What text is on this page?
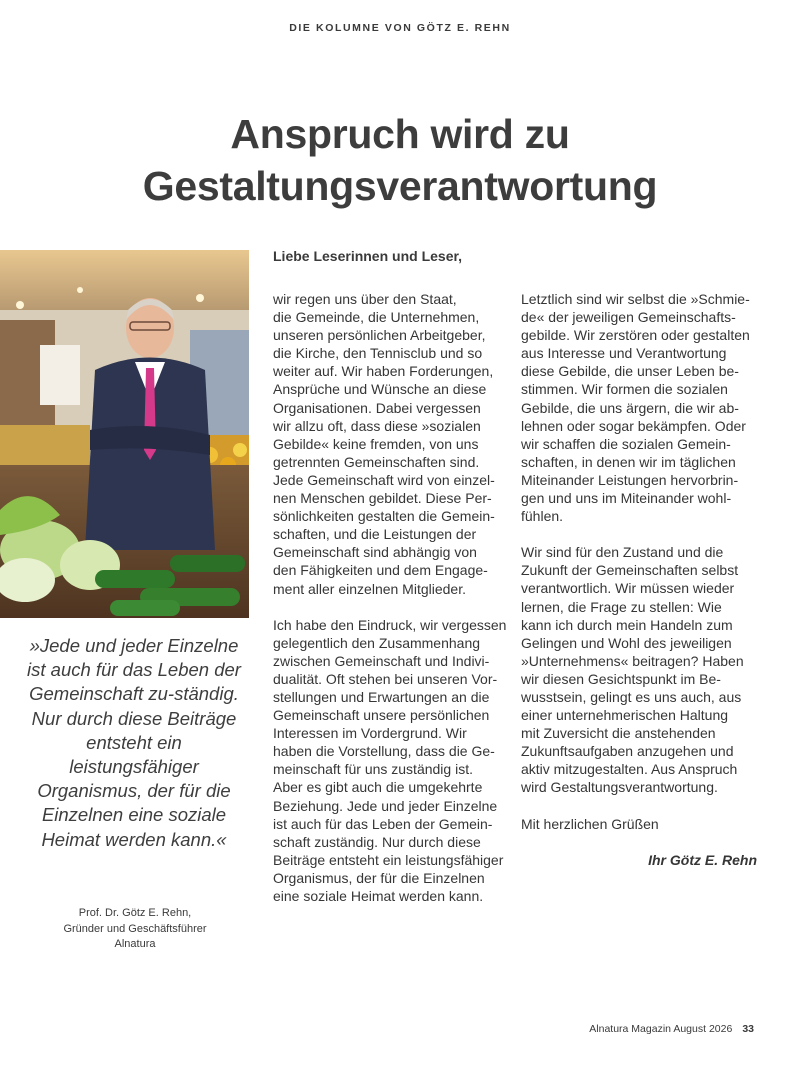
DIE KOLUMNE VON GÖTZ E. REHN
Anspruch wird zu
Gestaltungsverantwortung
»Jede und jeder Einzelne ist auch für das Leben der Gemeinschaft zu-ständig. Nur durch diese Beiträge entsteht ein leistungsfähiger Organismus, der für die Einzelnen eine soziale Heimat werden kann.«
Prof. Dr. Götz E. Rehn,
Gründer und Geschäftsführer
Alnatura
Liebe Leserinnen und Leser,

wir regen uns über den Staat,
die Gemeinde, die Unternehmen,
unseren persönlichen Arbeitgeber,
die Kirche, den Tennisclub und so
weiter auf. Wir haben Forderungen,
Ansprüche und Wünsche an diese
Organisationen. Dabei vergessen
wir allzu oft, dass diese »sozialen
Gebilde« keine fremden, von uns
getrennten Gemeinschaften sind.
Jede Gemeinschaft wird von einzel-
nen Menschen gebildet. Diese Per-
sönlichkeiten gestalten die Gemein-
schaften, und die Leistungen der
Gemeinschaft sind abhängig von
den Fähigkeiten und dem Engage-
ment aller einzelnen Mitglieder.

Ich habe den Eindruck, wir vergessen
gelegentlich den Zusammenhang
zwischen Gemeinschaft und Indivi-
dualität. Oft stehen bei unseren Vor-
stellungen und Erwartungen an die
Gemeinschaft unsere persönlichen
Interessen im Vordergrund. Wir
haben die Vorstellung, dass die Ge-
meinschaft für uns zuständig ist.
Aber es gibt auch die umgekehrte
Beziehung. Jede und jeder Einzelne
ist auch für das Leben der Gemein-
schaft zuständig. Nur durch diese
Beiträge entsteht ein leistungsfähiger
Organismus, der für die Einzelnen
eine soziale Heimat werden kann.

Letztlich sind wir selbst die »Schmie-
de« der jeweiligen Gemeinschafts-
gebilde. Wir zerstören oder gestalten
aus Interesse und Verantwortung
diese Gebilde, die unser Leben be-
stimmen. Wir formen die sozialen
Gebilde, die uns ärgern, die wir ab-
lehnen oder sogar bekämpfen. Oder
wir schaffen die sozialen Gemein-
schaften, in denen wir im täglichen
Miteinander Leistungen hervorbrin-
gen und uns im Miteinander wohl-
fühlen.

Wir sind für den Zustand und die
Zukunft der Gemeinschaften selbst
verantwortlich. Wir müssen wieder
lernen, die Frage zu stellen: Wie
kann ich durch mein Handeln zum
Gelingen und Wohl des jeweiligen
»Unternehmens« beitragen? Haben
wir diesen Gesichtspunkt im Be-
wusstsein, gelingt es uns auch, aus
einer unternehmerischen Haltung
mit Zuversicht die anstehenden
Zukunftsaufgaben anzugehen und
aktiv mitzugestalten. Aus Anspruch
wird Gestaltungsverantwortung.

Mit herzlichen Grüßen

Ihr Götz E. Rehn

Alnatura Magazin August 2026 33
